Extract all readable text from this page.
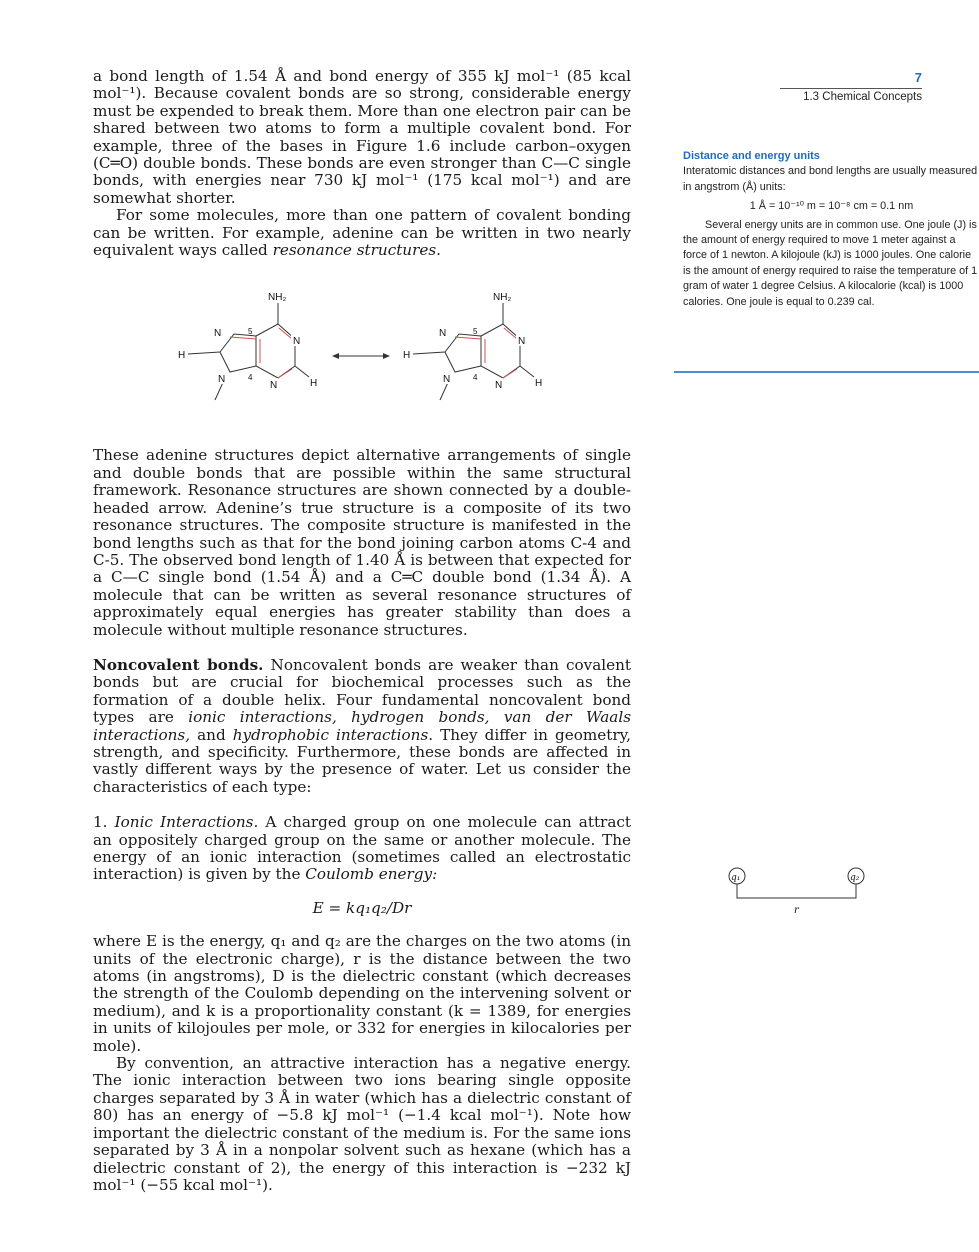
7
1.3 Chemical Concepts

a bond length of 1.54 Å and bond energy of 355 kJ mol⁻¹ (85 kcal mol⁻¹). Because covalent bonds are so strong, considerable energy must be expended to break them. More than one electron pair can be shared between two atoms to form a multiple covalent bond. For example, three of the bases in Figure 1.6 include carbon–oxygen (C═O) double bonds. These bonds are even stronger than C—C single bonds, with energies near 730 kJ mol⁻¹ (175 kcal mol⁻¹) and are somewhat shorter.

For some molecules, more than one pattern of covalent bonding can be written. For example, adenine can be written in two nearly equivalent ways called resonance structures.

These adenine structures depict alternative arrangements of single and double bonds that are possible within the same structural framework. Resonance structures are shown connected by a double-headed arrow. Adenine’s true structure is a composite of its two resonance structures. The composite structure is manifested in the bond lengths such as that for the bond joining carbon atoms C-4 and C-5. The observed bond length of 1.40 Å is between that expected for a C—C single bond (1.54 Å) and a C═C double bond (1.34 Å). A molecule that can be written as several resonance structures of approximately equal energies has greater stability than does a molecule without multiple resonance structures.

Noncovalent bonds. Noncovalent bonds are weaker than covalent bonds but are crucial for biochemical processes such as the formation of a double helix. Four fundamental noncovalent bond types are ionic interactions, hydrogen bonds, van der Waals interactions, and hydrophobic interactions. They differ in geometry, strength, and specificity. Furthermore, these bonds are affected in vastly different ways by the presence of water. Let us consider the characteristics of each type:

1. Ionic Interactions. A charged group on one molecule can attract an oppositely charged group on the same or another molecule. The energy of an ionic interaction (sometimes called an electrostatic interaction) is given by the Coulomb energy:

E = kq₁q₂/Dr

where E is the energy, q₁ and q₂ are the charges on the two atoms (in units of the electronic charge), r is the distance between the two atoms (in angstroms), D is the dielectric constant (which decreases the strength of the Coulomb depending on the intervening solvent or medium), and k is a proportionality constant (k = 1389, for energies in units of kilojoules per mole, or 332 for energies in kilocalories per mole).

By convention, an attractive interaction has a negative energy. The ionic interaction between two ions bearing single opposite charges separated by 3 Å in water (which has a dielectric constant of 80) has an energy of −5.8 kJ mol⁻¹ (−1.4 kcal mol⁻¹). Note how important the dielectric constant of the medium is. For the same ions separated by 3 Å in a nonpolar solvent such as hexane (which has a dielectric constant of 2), the energy of this interaction is −232 kJ mol⁻¹ (−55 kcal mol⁻¹).

Distance and energy units
Interatomic distances and bond lengths are usually measured in angstrom (Å) units:
1 Å = 10⁻¹⁰ m = 10⁻⁸ cm = 0.1 nm
Several energy units are in common use. One joule (J) is the amount of energy required to move 1 meter against a force of 1 newton. A kilojoule (kJ) is 1000 joules. One calorie is the amount of energy required to raise the temperature of 1 gram of water 1 degree Celsius. A kilocalorie (kcal) is 1000 calories. One joule is equal to 0.239 cal.
NH₂
N	5
N
H
N	4
N	H
NH₂
N	5
N
H
N	4
N	H
q₁	q₂
r
